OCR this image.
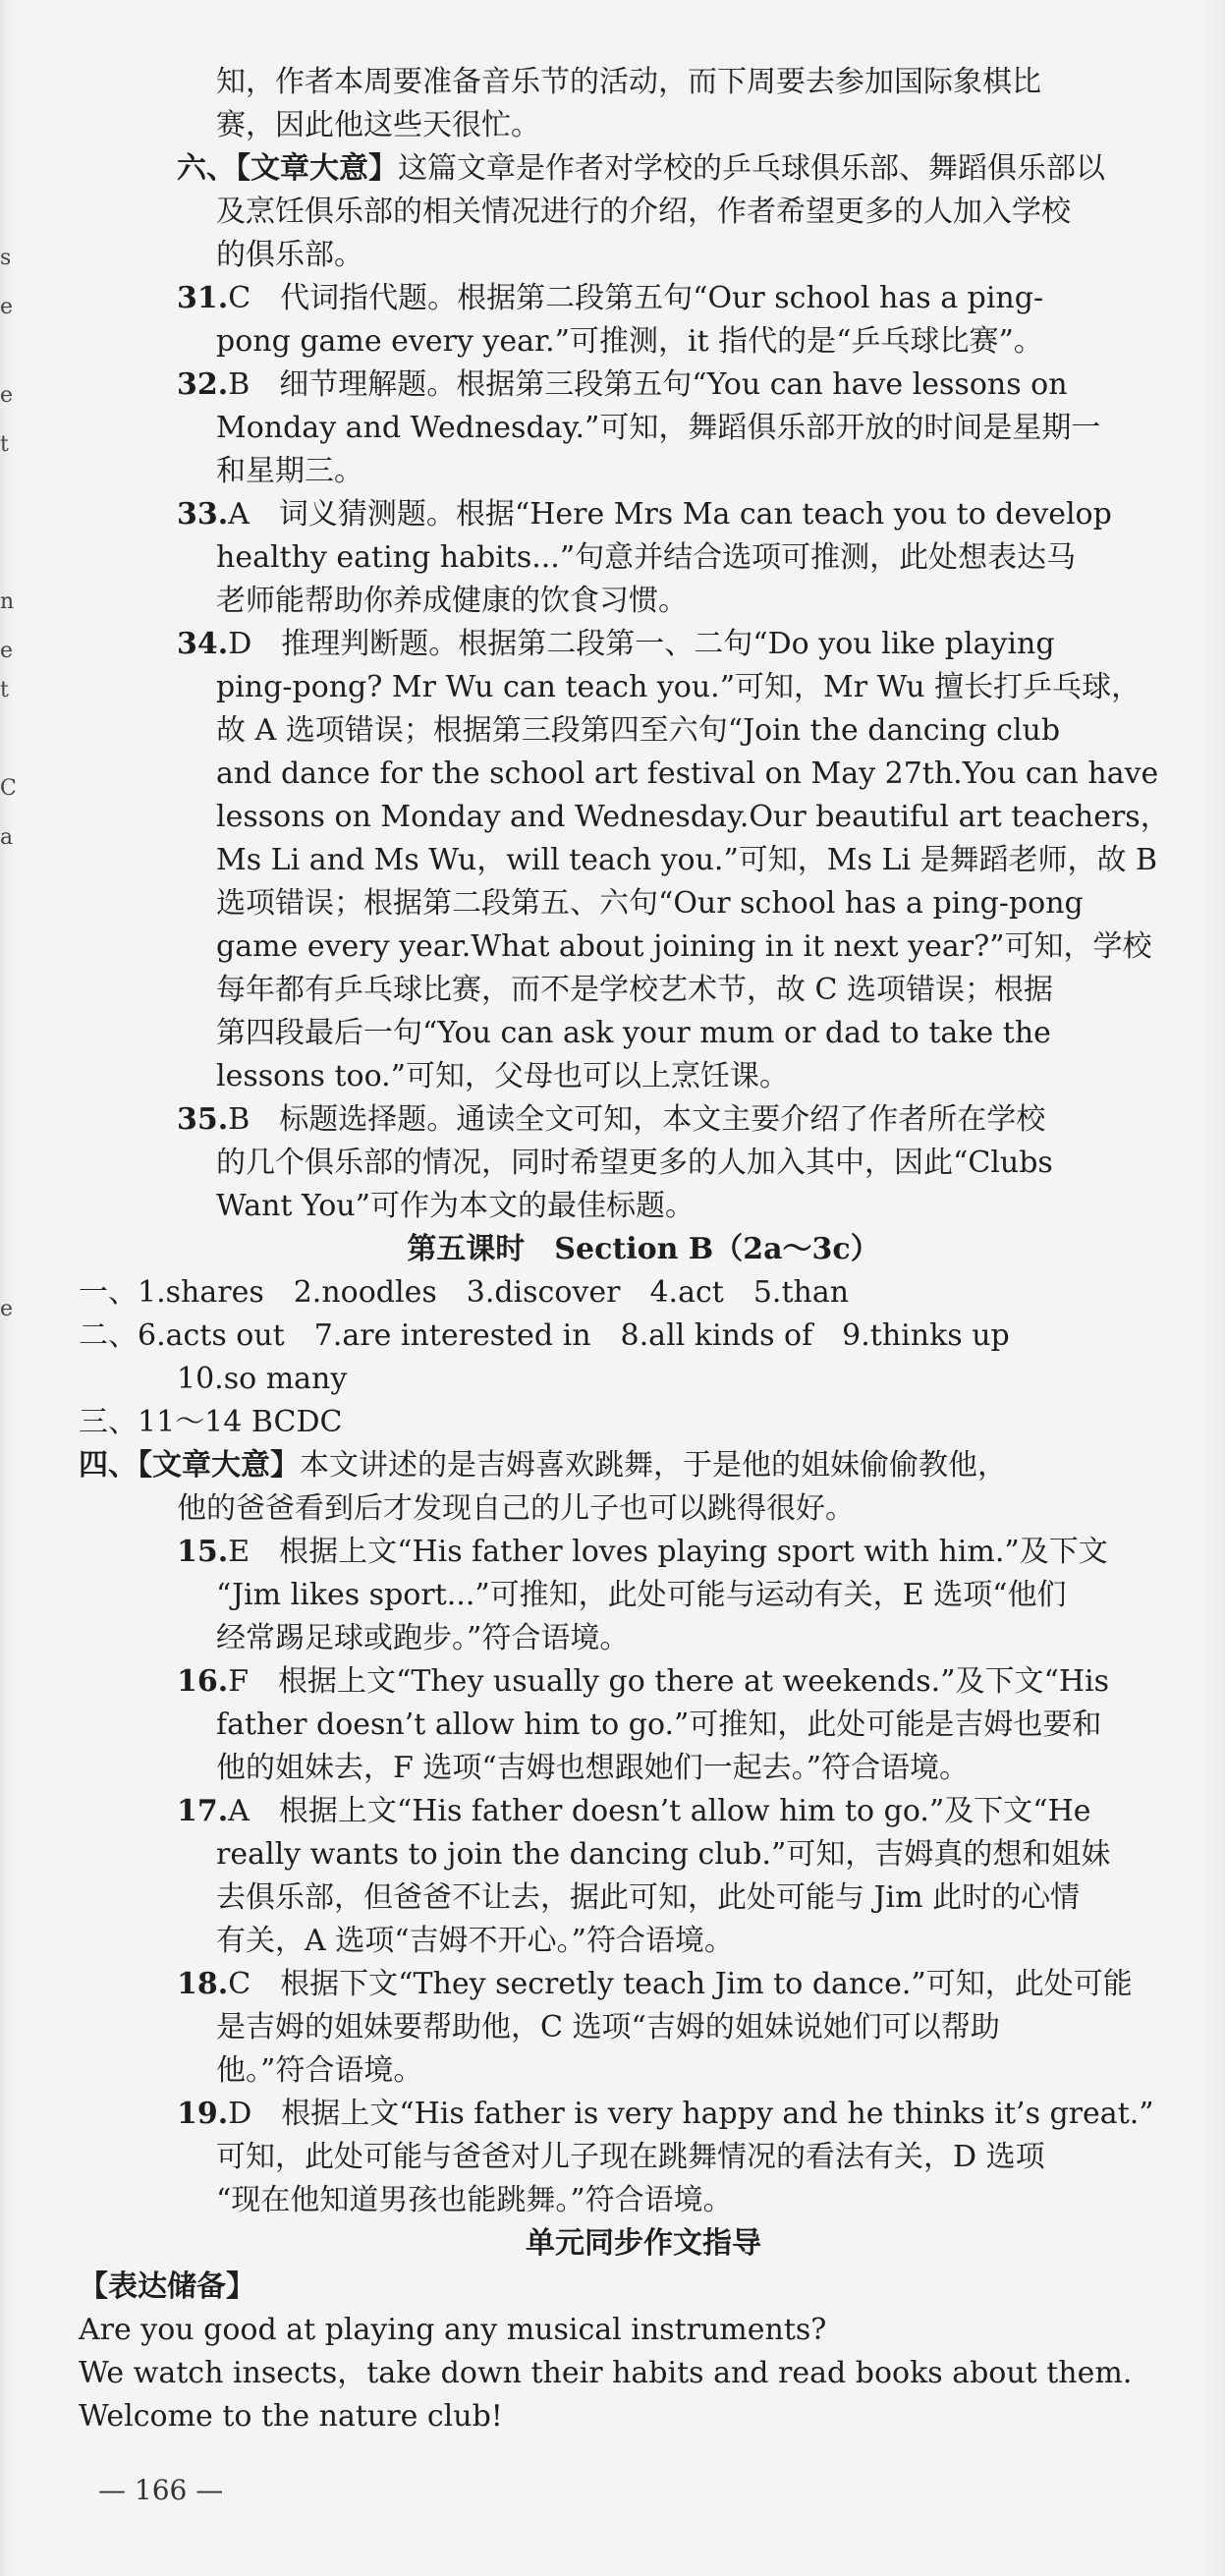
s
e
e
t
n
e
t
C
a
e
知，作者本周要准备音乐节的活动，而下周要去参加国际象棋比
赛，因此他这些天很忙。
六、【文章大意】这篇文章是作者对学校的乒乓球俱乐部、舞蹈俱乐部以
及烹饪俱乐部的相关情况进行的介绍，作者希望更多的人加入学校
的俱乐部。
31.C　代词指代题。根据第二段第五句“Our school has a ping-
pong game every year.”可推测，it 指代的是“乒乓球比赛”。
32.B　细节理解题。根据第三段第五句“You can have lessons on
Monday and Wednesday.”可知，舞蹈俱乐部开放的时间是星期一
和星期三。
33.A　词义猜测题。根据“Here Mrs Ma can teach you to develop
healthy eating habits...”句意并结合选项可推测，此处想表达马
老师能帮助你养成健康的饮食习惯。
34.D　推理判断题。根据第二段第一、二句“Do you like playing
ping-pong? Mr Wu can teach you.”可知，Mr Wu 擅长打乒乓球，
故 A 选项错误；根据第三段第四至六句“Join the dancing club
and dance for the school art festival on May 27th.You can have
lessons on Monday and Wednesday.Our beautiful art teachers，
Ms Li and Ms Wu，will teach you.”可知，Ms Li 是舞蹈老师，故 B
选项错误；根据第二段第五、六句“Our school has a ping-pong
game every year.What about joining in it next year?”可知，学校
每年都有乒乓球比赛，而不是学校艺术节，故 C 选项错误；根据
第四段最后一句“You can ask your mum or dad to take the
lessons too.”可知，父母也可以上烹饪课。
35.B　标题选择题。通读全文可知，本文主要介绍了作者所在学校
的几个俱乐部的情况，同时希望更多的人加入其中，因此“Clubs
Want You”可作为本文的最佳标题。
第五课时　Section B（2a～3c）
一、1.shares　2.noodles　3.discover　4.act　5.than
二、6.acts out　7.are interested in　8.all kinds of　9.thinks up
10.so many
三、11～14 BCDC
四、【文章大意】本文讲述的是吉姆喜欢跳舞，于是他的姐妹偷偷教他，
他的爸爸看到后才发现自己的儿子也可以跳得很好。
15.E　根据上文“His father loves playing sport with him.”及下文
“Jim likes sport...”可推知，此处可能与运动有关，E 选项“他们
经常踢足球或跑步。”符合语境。
16.F　根据上文“They usually go there at weekends.”及下文“His
father doesn’t allow him to go.”可推知，此处可能是吉姆也要和
他的姐妹去，F 选项“吉姆也想跟她们一起去。”符合语境。
17.A　根据上文“His father doesn’t allow him to go.”及下文“He
really wants to join the dancing club.”可知，吉姆真的想和姐妹
去俱乐部，但爸爸不让去，据此可知，此处可能与 Jim 此时的心情
有关，A 选项“吉姆不开心。”符合语境。
18.C　根据下文“They secretly teach Jim to dance.”可知，此处可能
是吉姆的姐妹要帮助他，C 选项“吉姆的姐妹说她们可以帮助
他。”符合语境。
19.D　根据上文“His father is very happy and he thinks it’s great.”
可知，此处可能与爸爸对儿子现在跳舞情况的看法有关，D 选项
“现在他知道男孩也能跳舞。”符合语境。
单元同步作文指导
【表达储备】
Are you good at playing any musical instruments?
We watch insects，take down their habits and read books about them.
Welcome to the nature club!
— 166 —
